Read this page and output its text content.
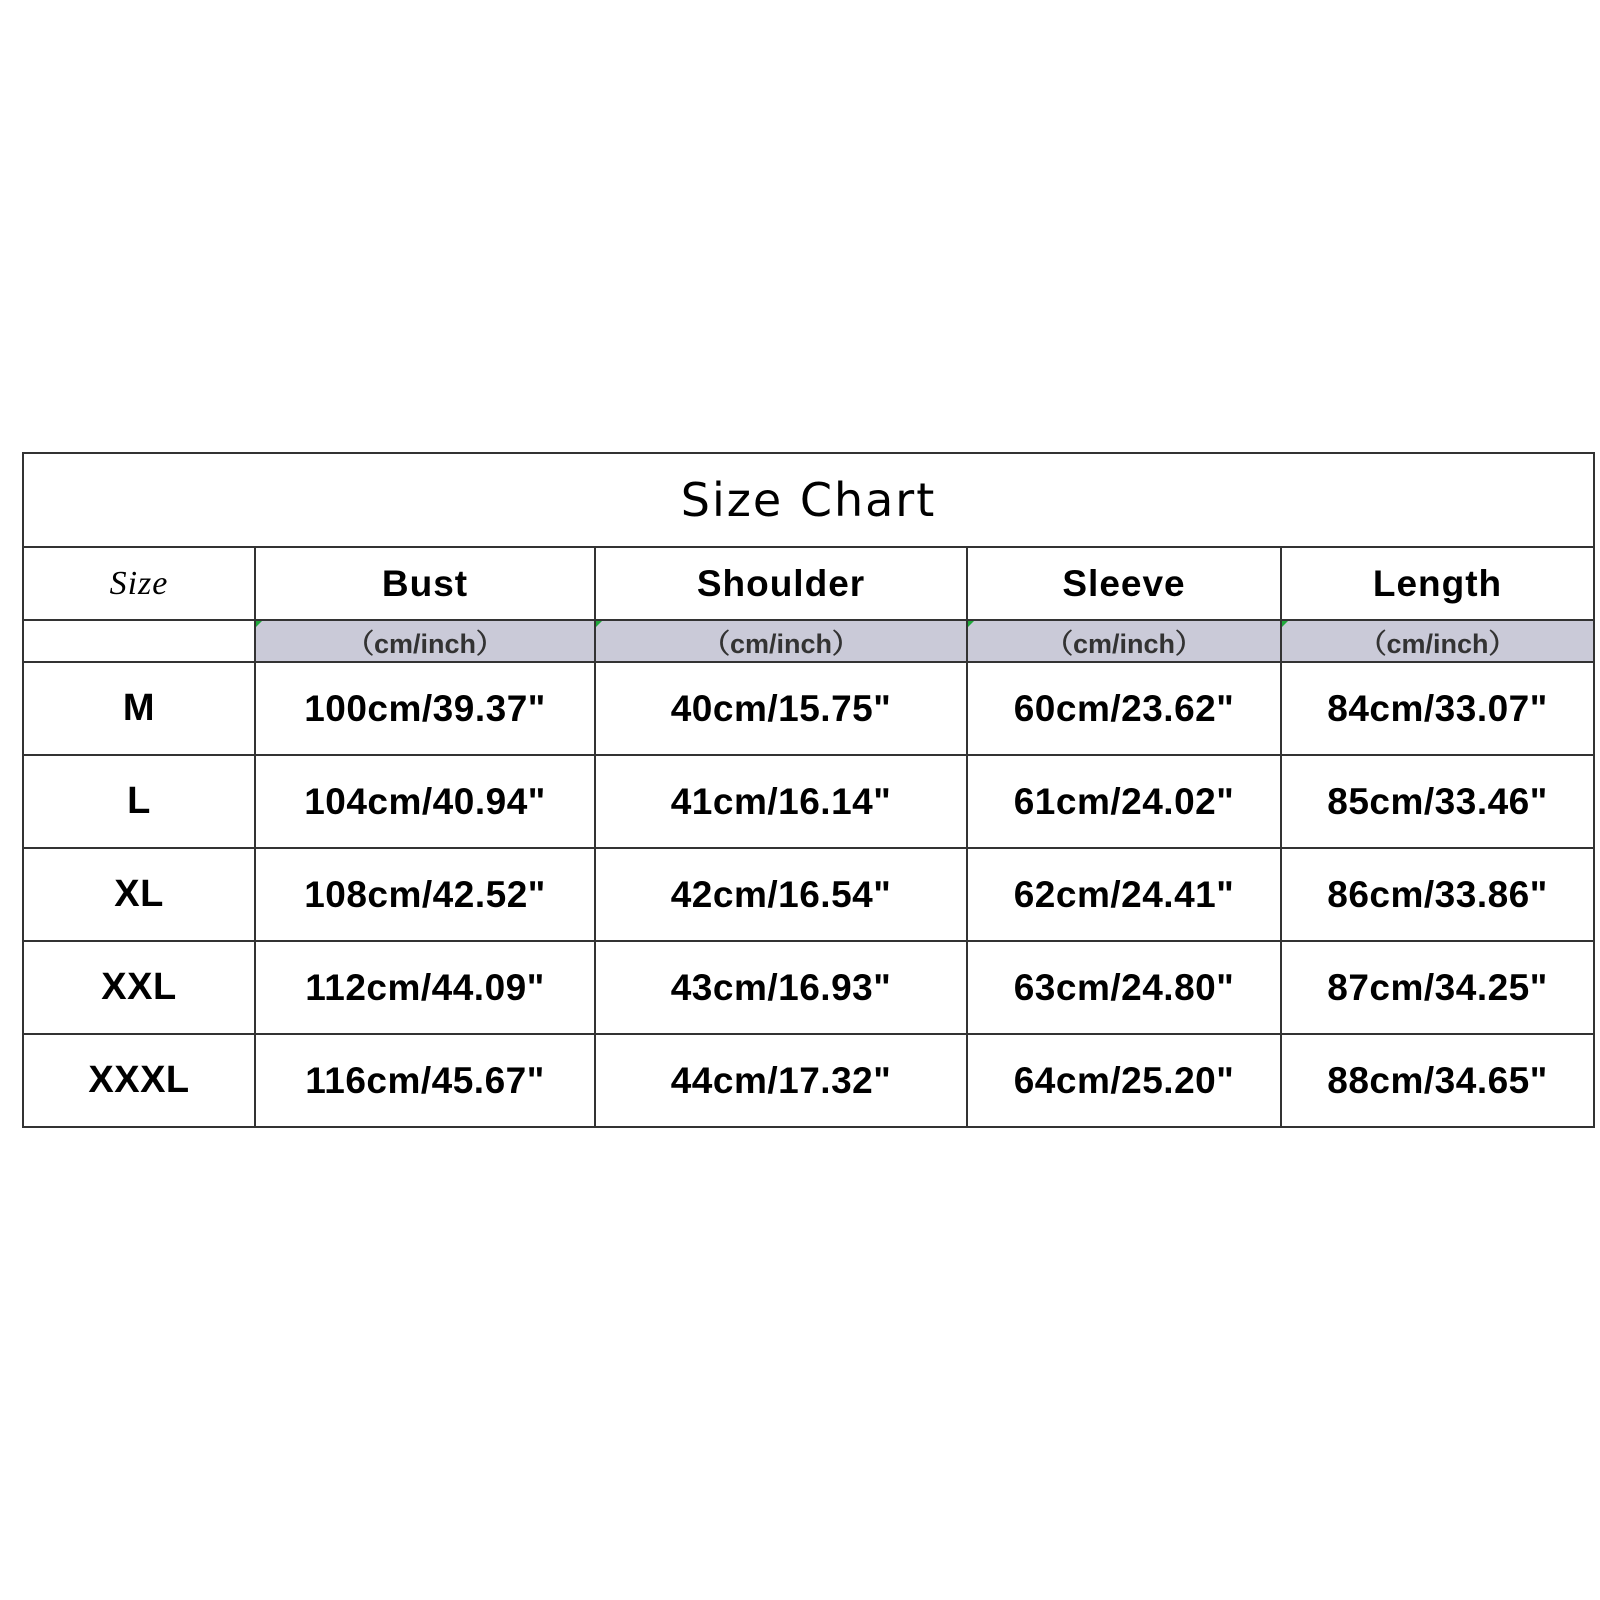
Size Chart				
Size	Bust	Shoulder	Sleeve	Length
	（cm/inch）	（cm/inch）	（cm/inch）	（cm/inch）
M	100cm/39.37"	40cm/15.75"	60cm/23.62"	84cm/33.07"
L	104cm/40.94"	41cm/16.14"	61cm/24.02"	85cm/33.46"
XL	108cm/42.52"	42cm/16.54"	62cm/24.41"	86cm/33.86"
XXL	112cm/44.09"	43cm/16.93"	63cm/24.80"	87cm/34.25"
XXXL	116cm/45.67"	44cm/17.32"	64cm/25.20"	88cm/34.65"
